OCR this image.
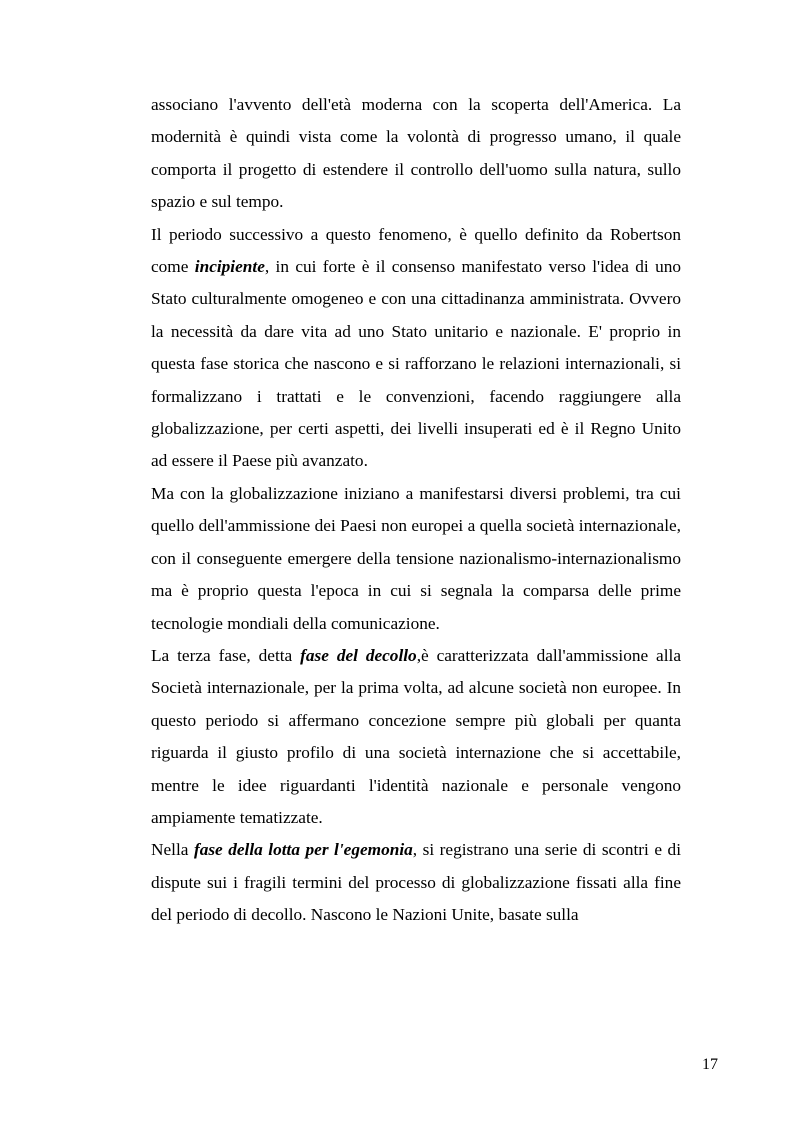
associano l'avvento dell'età moderna con la scoperta dell'America. La modernità è quindi vista come la volontà di progresso umano, il quale comporta il progetto di estendere il controllo dell'uomo sulla natura, sullo spazio e sul tempo.

Il periodo successivo a questo fenomeno, è quello definito da Robertson come incipiente, in cui forte è il consenso manifestato verso l'idea di uno Stato culturalmente omogeneo e con una cittadinanza amministrata. Ovvero la necessità da dare vita ad uno Stato unitario e nazionale. E' proprio in questa fase storica che nascono e si rafforzano le relazioni internazionali, si formalizzano i trattati e le convenzioni, facendo raggiungere alla globalizzazione, per certi aspetti, dei livelli insuperati ed è il Regno Unito ad essere il Paese più avanzato.

Ma con la globalizzazione iniziano a manifestarsi diversi problemi, tra cui quello dell'ammissione dei Paesi non europei a quella società internazionale, con il conseguente emergere della tensione nazionalismo-internazionalismo ma è proprio questa l'epoca in cui si segnala la comparsa delle prime tecnologie mondiali della comunicazione.

La terza fase, detta fase del decollo,è caratterizzata dall'ammissione alla Società internazionale, per la prima volta, ad alcune società non europee. In questo periodo si affermano concezione sempre più globali per quanta riguarda il giusto profilo di una società internazione che si accettabile, mentre le idee riguardanti l'identità nazionale e personale vengono ampiamente tematizzate.

Nella fase della lotta per l'egemonia, si registrano una serie di scontri e di dispute sui i fragili termini del processo di globalizzazione fissati alla fine del periodo di decollo. Nascono le Nazioni Unite, basate sulla

17
